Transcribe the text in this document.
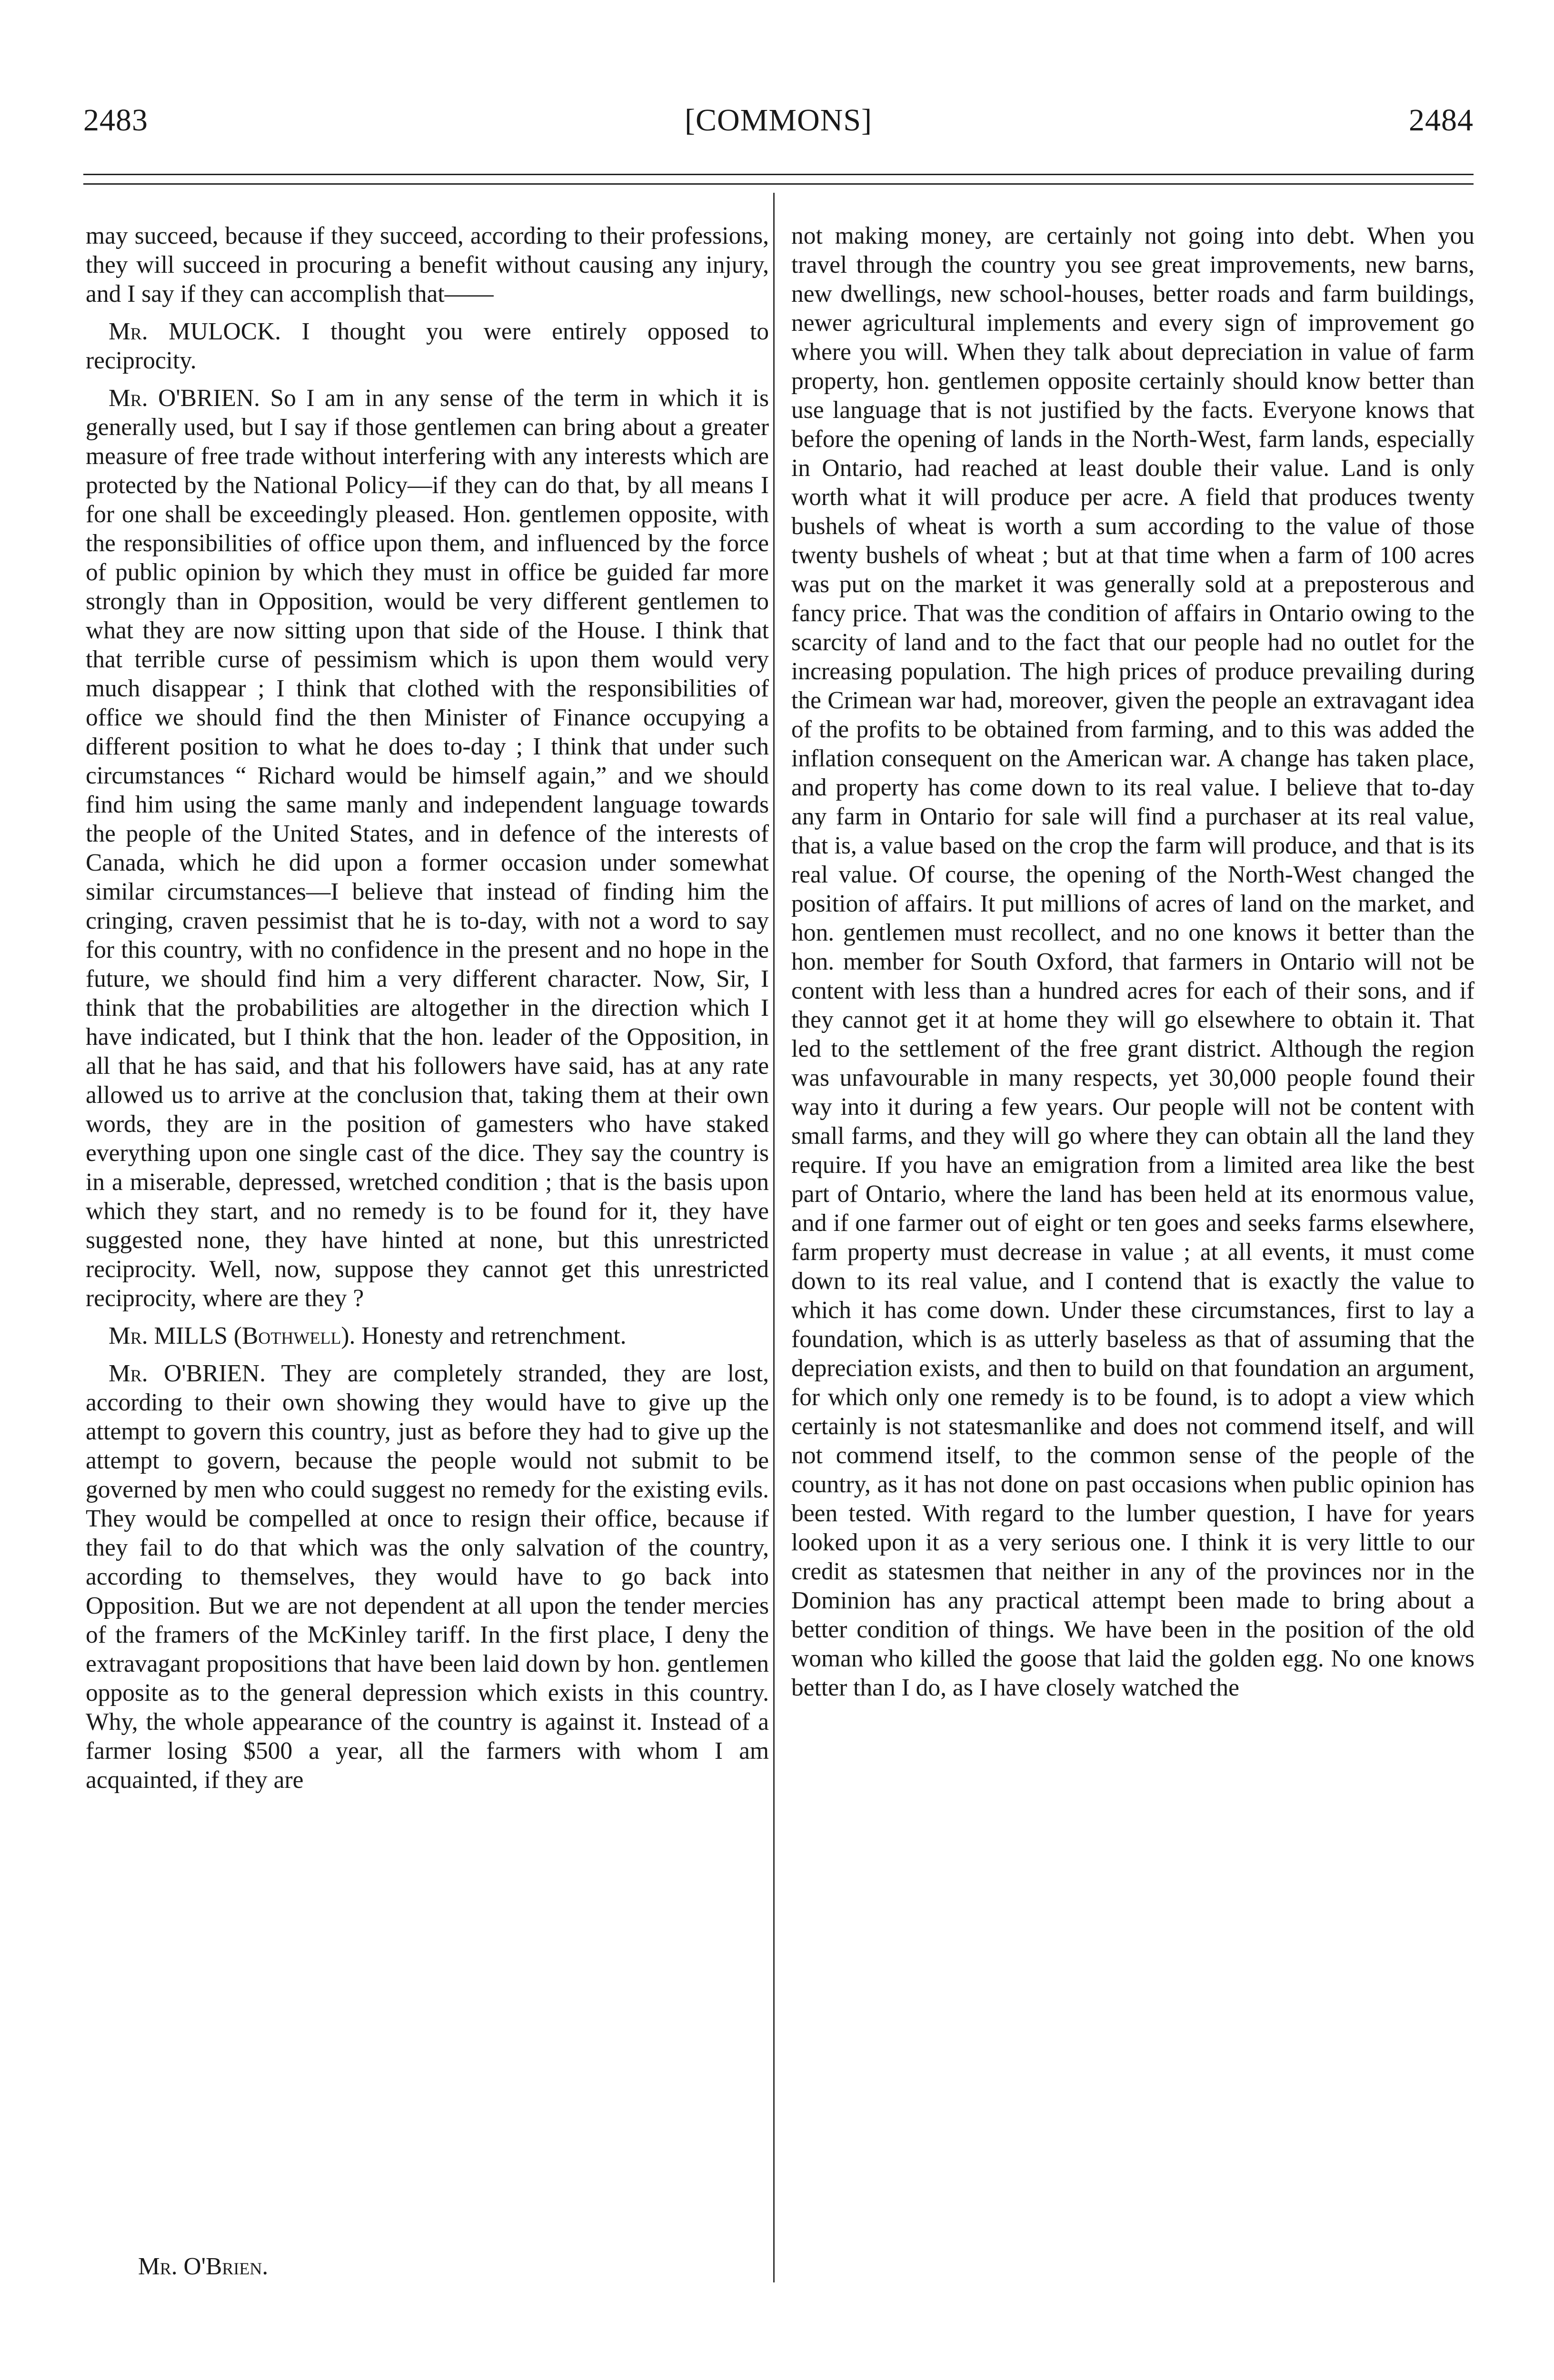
2483	[COMMONS]	2484

may succeed, because if they succeed, according to their professions, they will succeed in procuring a benefit without causing any injury, and I say if they can accomplish that——

Mr. MULOCK. I thought you were entirely opposed to reciprocity.

Mr. O'BRIEN. So I am in any sense of the term in which it is generally used, but I say if those gentlemen can bring about a greater measure of free trade without interfering with any interests which are protected by the National Policy—if they can do that, by all means I for one shall be exceedingly pleased. Hon. gentlemen opposite, with the responsibilities of office upon them, and influenced by the force of public opinion by which they must in office be guided far more strongly than in Opposition, would be very different gentlemen to what they are now sitting upon that side of the House. I think that that terrible curse of pessimism which is upon them would very much disappear ; I think that clothed with the responsibilities of office we should find the then Minister of Finance occupying a different position to what he does to-day ; I think that under such circumstances “ Richard would be himself again,” and we should find him using the same manly and independent language towards the people of the United States, and in defence of the interests of Canada, which he did upon a former occasion under somewhat similar circumstances—I believe that instead of finding him the cringing, craven pessimist that he is to-day, with not a word to say for this country, with no confidence in the present and no hope in the future, we should find him a very different character. Now, Sir, I think that the probabilities are altogether in the direction which I have indicated, but I think that the hon. leader of the Opposition, in all that he has said, and that his followers have said, has at any rate allowed us to arrive at the conclusion that, taking them at their own words, they are in the position of gamesters who have staked everything upon one single cast of the dice. They say the country is in a miserable, depressed, wretched condition ; that is the basis upon which they start, and no remedy is to be found for it, they have suggested none, they have hinted at none, but this unrestricted reciprocity. Well, now, suppose they cannot get this unrestricted reciprocity, where are they ?

Mr. MILLS (Bothwell). Honesty and retrenchment.

Mr. O'BRIEN. They are completely stranded, they are lost, according to their own showing they would have to give up the attempt to govern this country, just as before they had to give up the attempt to govern, because the people would not submit to be governed by men who could suggest no remedy for the existing evils. They would be compelled at once to resign their office, because if they fail to do that which was the only salvation of the country, according to themselves, they would have to go back into Opposition. But we are not dependent at all upon the tender mercies of the framers of the McKinley tariff. In the first place, I deny the extravagant propositions that have been laid down by hon. gentlemen opposite as to the general depression which exists in this country. Why, the whole appearance of the country is against it. Instead of a farmer losing $500 a year, all the farmers with whom I am acquainted, if they are

not making money, are certainly not going into debt. When you travel through the country you see great improvements, new barns, new dwellings, new school-houses, better roads and farm buildings, newer agricultural implements and every sign of improvement go where you will. When they talk about depreciation in value of farm property, hon. gentlemen opposite certainly should know better than use language that is not justified by the facts. Everyone knows that before the opening of lands in the North-West, farm lands, especially in Ontario, had reached at least double their value. Land is only worth what it will produce per acre. A field that produces twenty bushels of wheat is worth a sum according to the value of those twenty bushels of wheat ; but at that time when a farm of 100 acres was put on the market it was generally sold at a preposterous and fancy price. That was the condition of affairs in Ontario owing to the scarcity of land and to the fact that our people had no outlet for the increasing population. The high prices of produce prevailing during the Crimean war had, moreover, given the people an extravagant idea of the profits to be obtained from farming, and to this was added the inflation consequent on the American war. A change has taken place, and property has come down to its real value. I believe that to-day any farm in Ontario for sale will find a purchaser at its real value, that is, a value based on the crop the farm will produce, and that is its real value. Of course, the opening of the North-West changed the position of affairs. It put millions of acres of land on the market, and hon. gentlemen must recollect, and no one knows it better than the hon. member for South Oxford, that farmers in Ontario will not be content with less than a hundred acres for each of their sons, and if they cannot get it at home they will go elsewhere to obtain it. That led to the settlement of the free grant district. Although the region was unfavourable in many respects, yet 30,000 people found their way into it during a few years. Our people will not be content with small farms, and they will go where they can obtain all the land they require. If you have an emigration from a limited area like the best part of Ontario, where the land has been held at its enormous value, and if one farmer out of eight or ten goes and seeks farms elsewhere, farm property must decrease in value ; at all events, it must come down to its real value, and I contend that is exactly the value to which it has come down. Under these circumstances, first to lay a foundation, which is as utterly baseless as that of assuming that the depreciation exists, and then to build on that foundation an argument, for which only one remedy is to be found, is to adopt a view which certainly is not statesmanlike and does not commend itself, and will not commend itself, to the common sense of the people of the country, as it has not done on past occasions when public opinion has been tested. With regard to the lumber question, I have for years looked upon it as a very serious one. I think it is very little to our credit as statesmen that neither in any of the provinces nor in the Dominion has any practical attempt been made to bring about a better condition of things. We have been in the position of the old woman who killed the goose that laid the golden egg. No one knows better than I do, as I have closely watched the

Mr. O'Brien.
